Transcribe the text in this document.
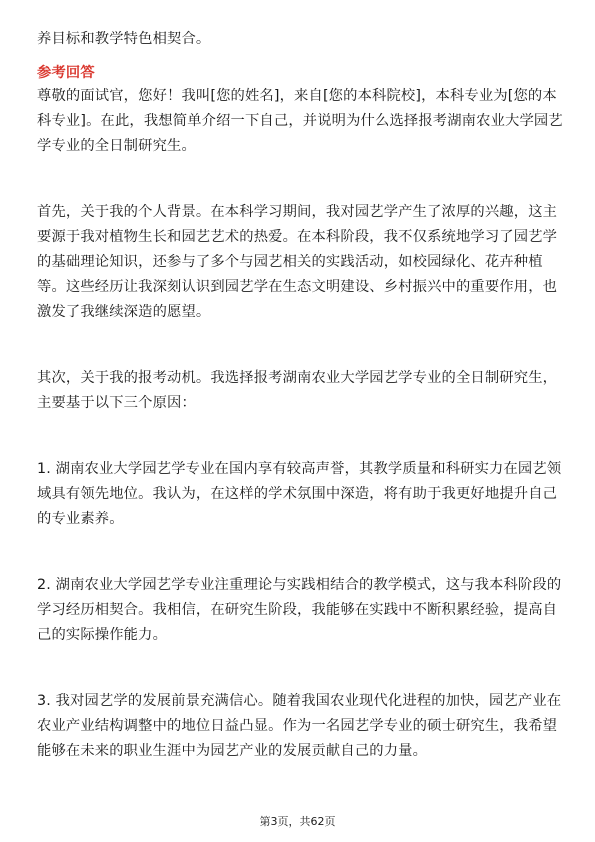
养目标和教学特色相契合。
参考回答
尊敬的面试官，您好！我叫[您的姓名]，来自[您的本科院校]，本科专业为[您的本
科专业]。在此，我想简单介绍一下自己，并说明为什么选择报考湖南农业大学园艺
学专业的全日制研究生。
首先，关于我的个人背景。在本科学习期间，我对园艺学产生了浓厚的兴趣，这主
要源于我对植物生长和园艺艺术的热爱。在本科阶段，我不仅系统地学习了园艺学
的基础理论知识，还参与了多个与园艺相关的实践活动，如校园绿化、花卉种植
等。这些经历让我深刻认识到园艺学在生态文明建设、乡村振兴中的重要作用，也
激发了我继续深造的愿望。
其次，关于我的报考动机。我选择报考湖南农业大学园艺学专业的全日制研究生，
主要基于以下三个原因：
1. 湖南农业大学园艺学专业在国内享有较高声誉，其教学质量和科研实力在园艺领
域具有领先地位。我认为，在这样的学术氛围中深造，将有助于我更好地提升自己
的专业素养。
2. 湖南农业大学园艺学专业注重理论与实践相结合的教学模式，这与我本科阶段的
学习经历相契合。我相信，在研究生阶段，我能够在实践中不断积累经验，提高自
己的实际操作能力。
3. 我对园艺学的发展前景充满信心。随着我国农业现代化进程的加快，园艺产业在
农业产业结构调整中的地位日益凸显。作为一名园艺学专业的硕士研究生，我希望
能够在未来的职业生涯中为园艺产业的发展贡献自己的力量。
第3页，共62页
